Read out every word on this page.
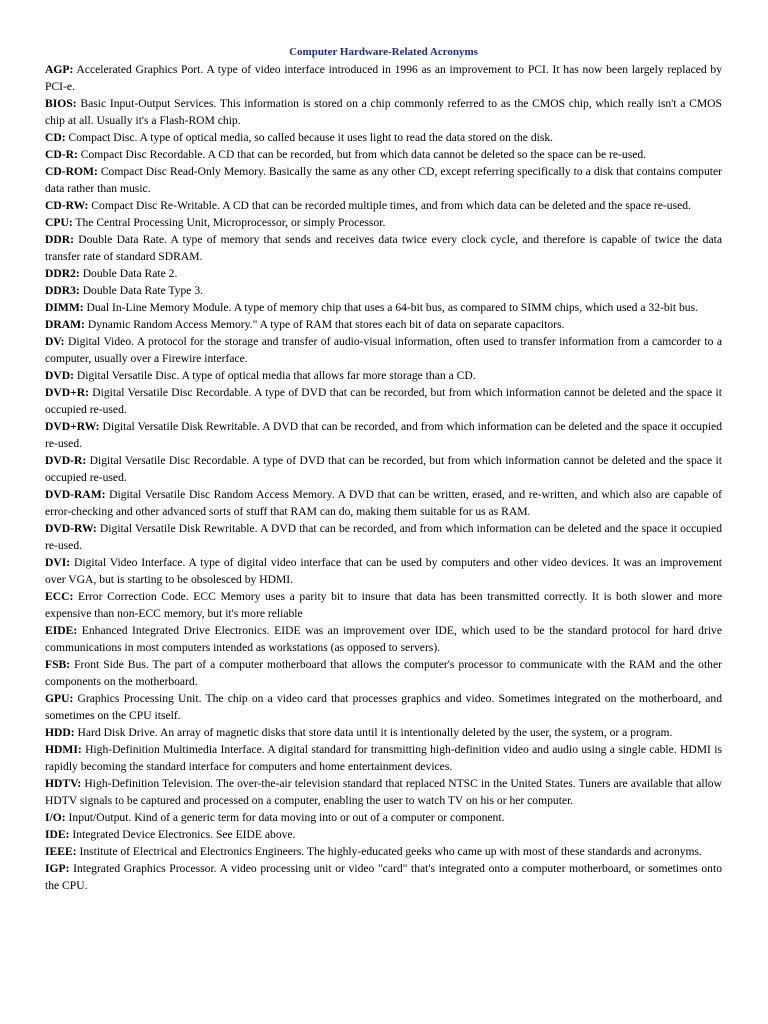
Computer Hardware-Related Acronyms

AGP: Accelerated Graphics Port. A type of video interface introduced in 1996 as an improvement to PCI. It has now been largely replaced by PCI-e.

BIOS: Basic Input-Output Services. This information is stored on a chip commonly referred to as the CMOS chip, which really isn't a CMOS chip at all. Usually it's a Flash-ROM chip.

CD: Compact Disc. A type of optical media, so called because it uses light to read the data stored on the disk.

CD-R: Compact Disc Recordable. A CD that can be recorded, but from which data cannot be deleted so the space can be re-used.

CD-ROM: Compact Disc Read-Only Memory. Basically the same as any other CD, except referring specifically to a disk that contains computer data rather than music.

CD-RW: Compact Disc Re-Writable. A CD that can be recorded multiple times, and from which data can be deleted and the space re-used.

CPU: The Central Processing Unit, Microprocessor, or simply Processor.

DDR: Double Data Rate. A type of memory that sends and receives data twice every clock cycle, and therefore is capable of twice the data transfer rate of standard SDRAM.

DDR2: Double Data Rate 2.

DDR3: Double Data Rate Type 3.

DIMM: Dual In-Line Memory Module. A type of memory chip that uses a 64-bit bus, as compared to SIMM chips, which used a 32-bit bus.

DRAM: Dynamic Random Access Memory." A type of RAM that stores each bit of data on separate capacitors.

DV: Digital Video. A protocol for the storage and transfer of audio-visual information, often used to transfer information from a camcorder to a computer, usually over a Firewire interface.

DVD: Digital Versatile Disc. A type of optical media that allows far more storage than a CD.

DVD+R: Digital Versatile Disc Recordable. A type of DVD that can be recorded, but from which information cannot be deleted and the space it occupied re-used.

DVD+RW: Digital Versatile Disk Rewritable. A DVD that can be recorded, and from which information can be deleted and the space it occupied re-used.

DVD-R: Digital Versatile Disc Recordable. A type of DVD that can be recorded, but from which information cannot be deleted and the space it occupied re-used.

DVD-RAM: Digital Versatile Disc Random Access Memory. A DVD that can be written, erased, and re-written, and which also are capable of error-checking and other advanced sorts of stuff that RAM can do, making them suitable for us as RAM.

DVD-RW: Digital Versatile Disk Rewritable. A DVD that can be recorded, and from which information can be deleted and the space it occupied re-used.

DVI: Digital Video Interface. A type of digital video interface that can be used by computers and other video devices. It was an improvement over VGA, but is starting to be obsolesced by HDMI.

ECC: Error Correction Code. ECC Memory uses a parity bit to insure that data has been transmitted correctly. It is both slower and more expensive than non-ECC memory, but it's more reliable

EIDE: Enhanced Integrated Drive Electronics. EIDE was an improvement over IDE, which used to be the standard protocol for hard drive communications in most computers intended as workstations (as opposed to servers).

FSB: Front Side Bus. The part of a computer motherboard that allows the computer's processor to communicate with the RAM and the other components on the motherboard.

GPU: Graphics Processing Unit. The chip on a video card that processes graphics and video. Sometimes integrated on the motherboard, and sometimes on the CPU itself.

HDD: Hard Disk Drive. An array of magnetic disks that store data until it is intentionally deleted by the user, the system, or a program.

HDMI: High-Definition Multimedia Interface. A digital standard for transmitting high-definition video and audio using a single cable. HDMI is rapidly becoming the standard interface for computers and home entertainment devices.

HDTV: High-Definition Television. The over-the-air television standard that replaced NTSC in the United States. Tuners are available that allow HDTV signals to be captured and processed on a computer, enabling the user to watch TV on his or her computer.

I/O: Input/Output. Kind of a generic term for data moving into or out of a computer or component.

IDE: Integrated Device Electronics. See EIDE above.

IEEE: Institute of Electrical and Electronics Engineers. The highly-educated geeks who came up with most of these standards and acronyms.

IGP: Integrated Graphics Processor. A video processing unit or video "card" that's integrated onto a computer motherboard, or sometimes onto the CPU.
